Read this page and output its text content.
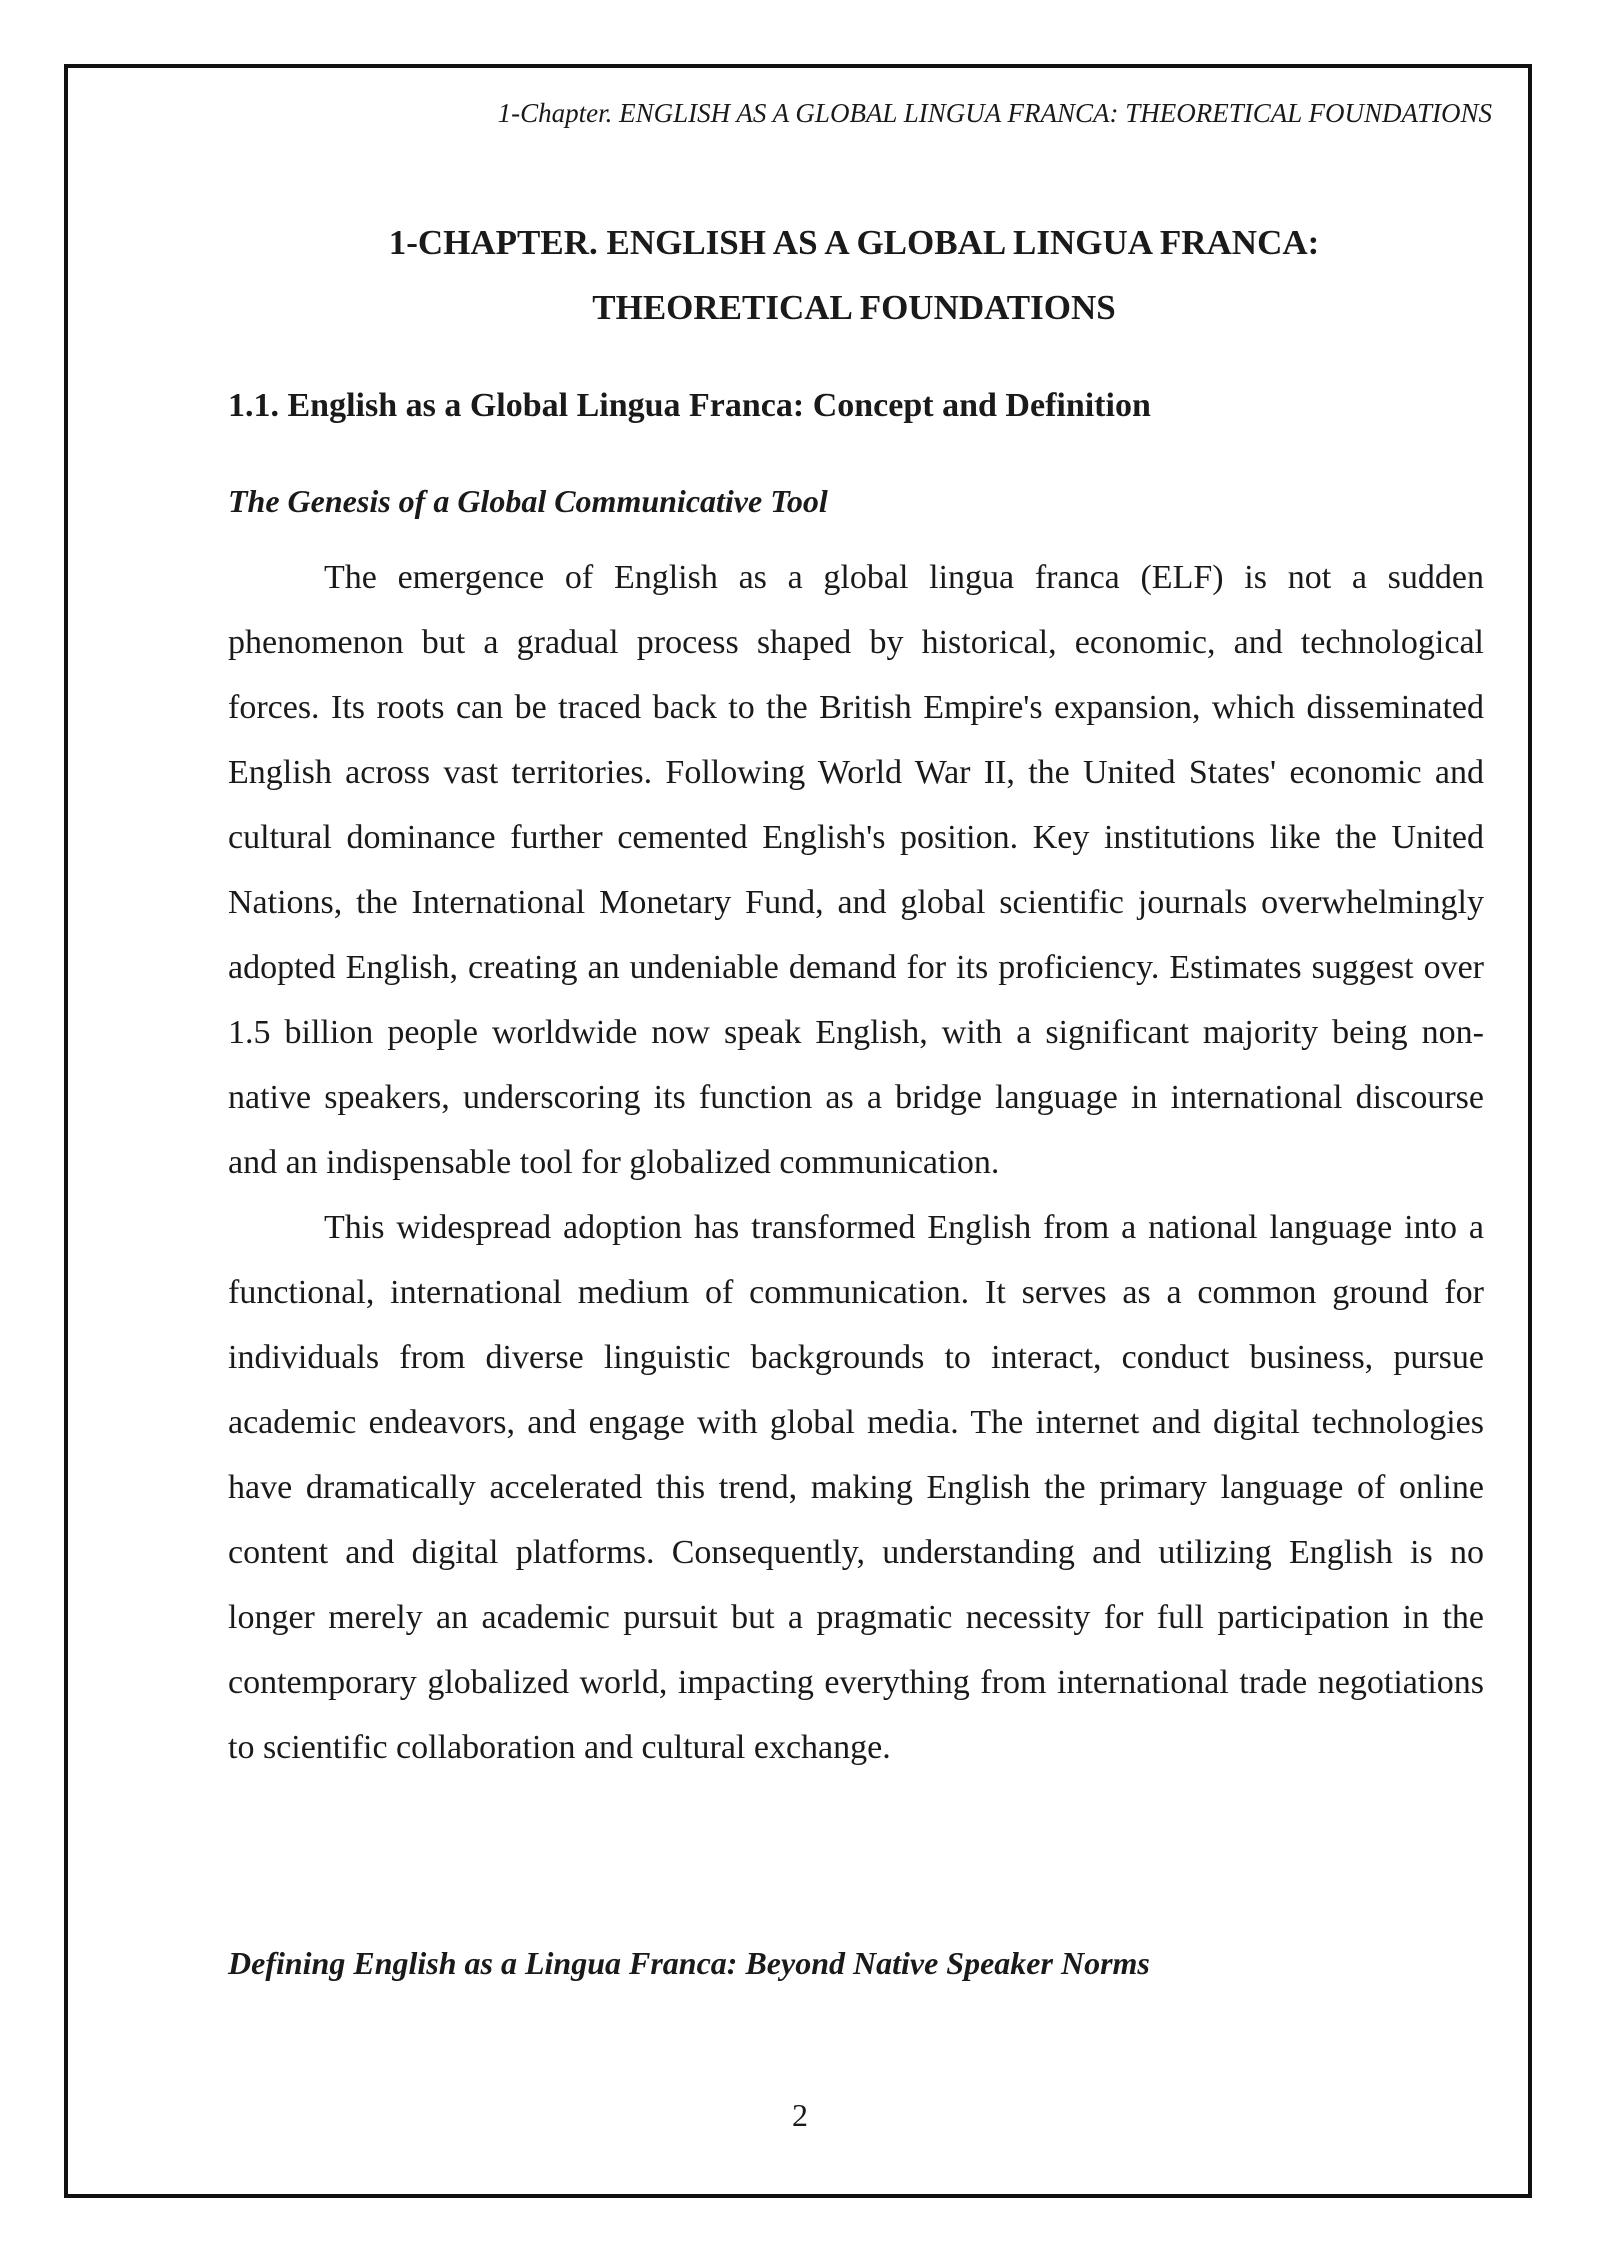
1-Chapter. ENGLISH AS A GLOBAL LINGUA FRANCA: THEORETICAL FOUNDATIONS
1-CHAPTER. ENGLISH AS A GLOBAL LINGUA FRANCA:
THEORETICAL FOUNDATIONS
1.1. English as a Global Lingua Franca: Concept and Definition
The Genesis of a Global Communicative Tool

The emergence of English as a global lingua franca (ELF) is not a sudden phenomenon but a gradual process shaped by historical, economic, and technological forces. Its roots can be traced back to the British Empire's expansion, which disseminated English across vast territories. Following World War II, the United States' economic and cultural dominance further cemented English's position. Key institutions like the United Nations, the International Monetary Fund, and global scientific journals overwhelmingly adopted English, creating an undeniable demand for its proficiency. Estimates suggest over 1.5 billion people worldwide now speak English, with a significant majority being non-native speakers, underscoring its function as a bridge language in international discourse and an indispensable tool for globalized communication.

This widespread adoption has transformed English from a national language into a functional, international medium of communication. It serves as a common ground for individuals from diverse linguistic backgrounds to interact, conduct business, pursue academic endeavors, and engage with global media. The internet and digital technologies have dramatically accelerated this trend, making English the primary language of online content and digital platforms. Consequently, understanding and utilizing English is no longer merely an academic pursuit but a pragmatic necessity for full participation in the contemporary globalized world, impacting everything from international trade negotiations to scientific collaboration and cultural exchange.

Defining English as a Lingua Franca: Beyond Native Speaker Norms
2
